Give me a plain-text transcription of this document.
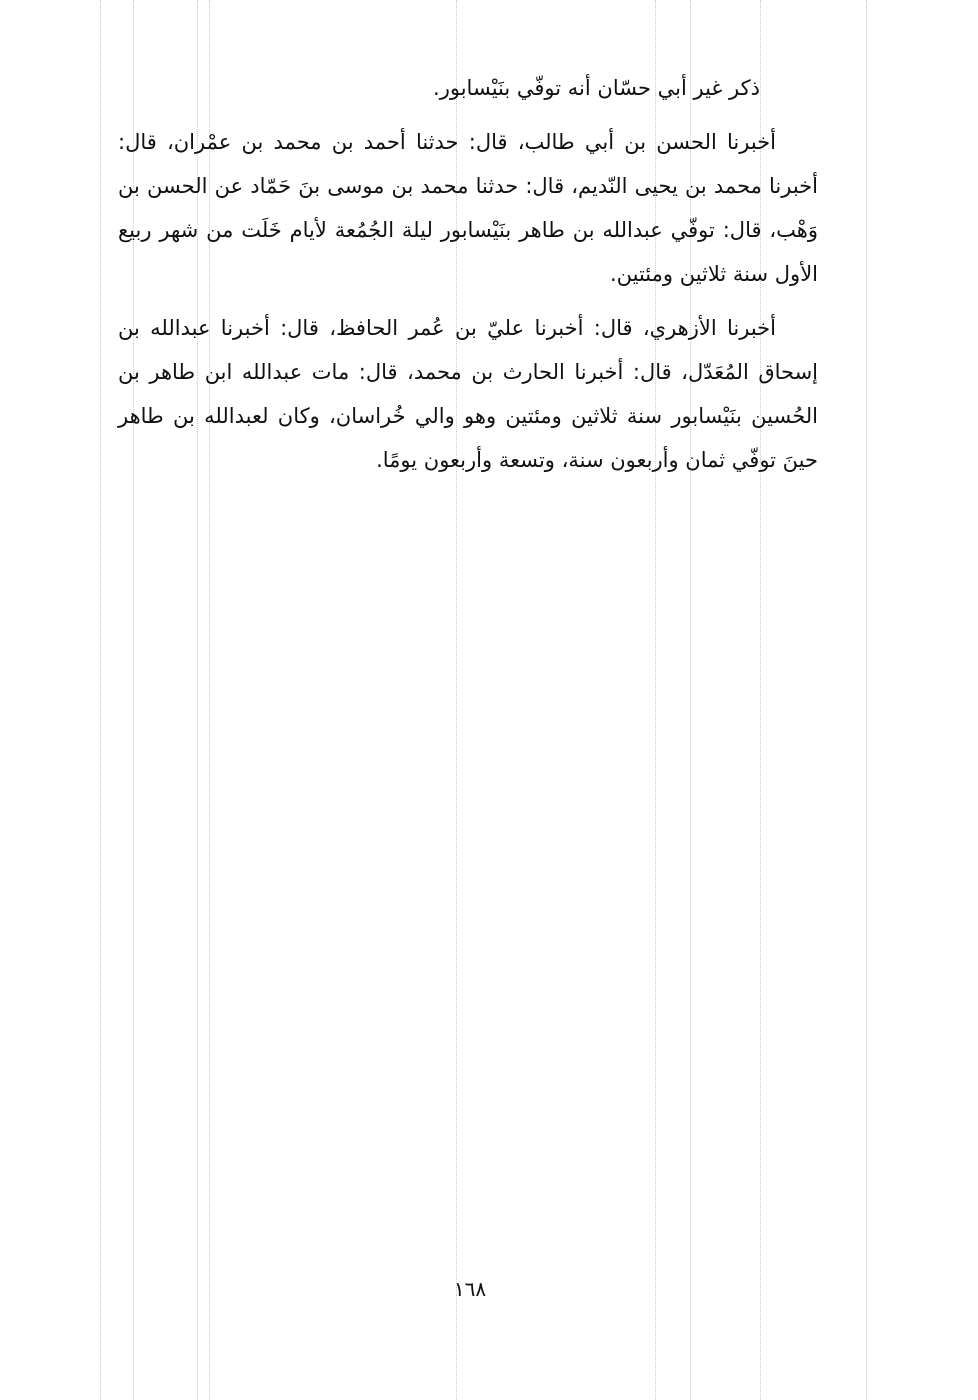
ذكر غير أبي حسّان أنه توفّي بنَيْسابور.

أخبرنا الحسن بن أبي طالب، قال: حدثنا أحمد بن محمد بن عمْران، قال: أخبرنا محمد بن يحيى النّديم، قال: حدثنا محمد بن موسى بنَ حَمّاد عن الحسن بن وَهْب، قال: توفّي عبدالله بن طاهر بنَيْسابور ليلة الجُمُعة لأيام خَلَت من شهر ربيع الأول سنة ثلاثين ومئتين.

أخبرنا الأزهري، قال: أخبرنا عليّ بن عُمر الحافظ، قال: أخبرنا عبدالله بن إسحاق المُعَدّل، قال: أخبرنا الحارث بن محمد، قال: مات عبدالله ابن طاهر بن الحُسين بنَيْسابور سنة ثلاثين ومئتين وهو والي خُراسان، وكان لعبدالله بن طاهر حينَ توفّي ثمان وأربعون سنة، وتسعة وأربعون يومًا.

١٦٨
